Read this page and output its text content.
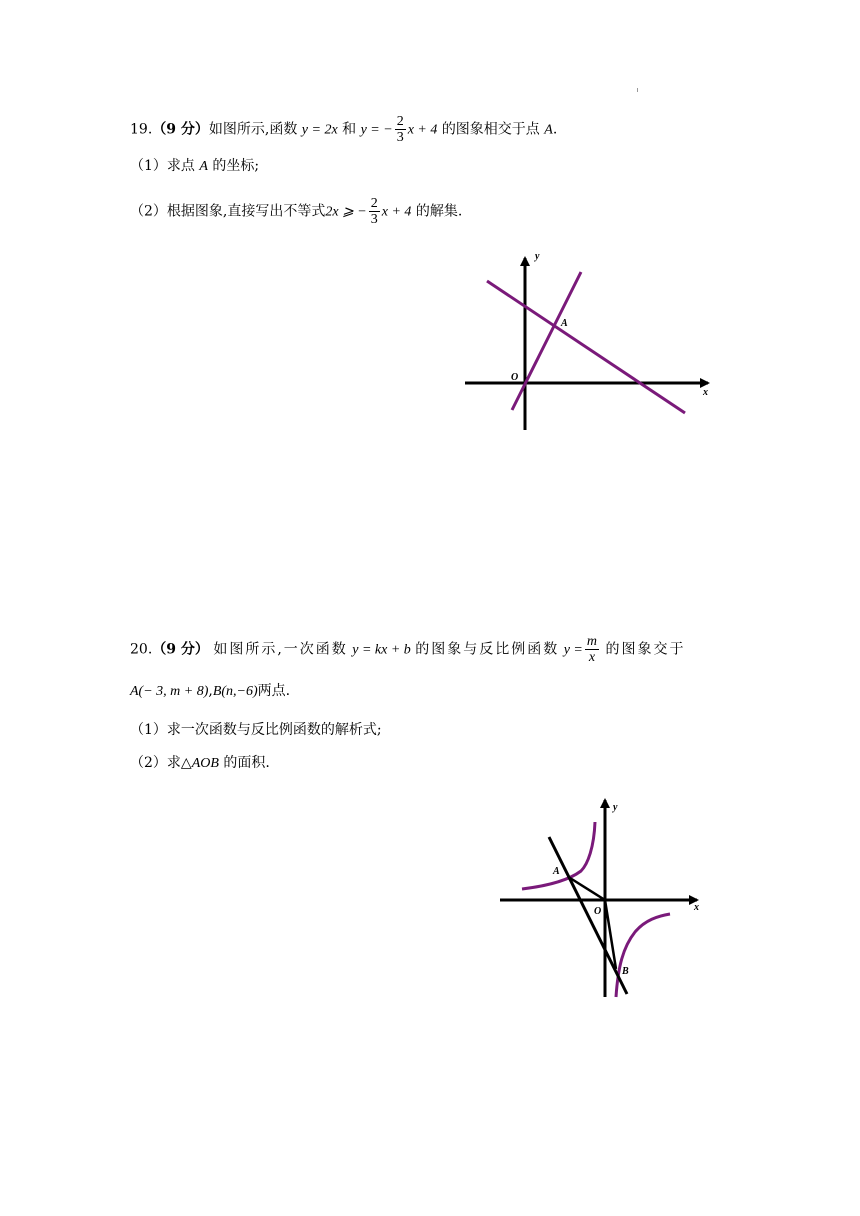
19.（9 分）如图所示,函数 y = 2x 和 y = − $\frac{2}{3}$ x + 4 的图象相交于点 A.
（1）求点 A 的坐标;
（2）根据图象,直接写出不等式2x ⩾ − $\frac{2}{3}$ x + 4 的解集.
y
x
O
A
20.（9 分） 如图所示,一次函数 y = kx + b 的图象与反比例函数 $y = \frac{m}{x}$ 的图象交于
A(− 3, m + 8),B(n,−6)两点.
（1）求一次函数与反比例函数的解析式;
（2）求△AOB 的面积.
y
x
O
A
B
